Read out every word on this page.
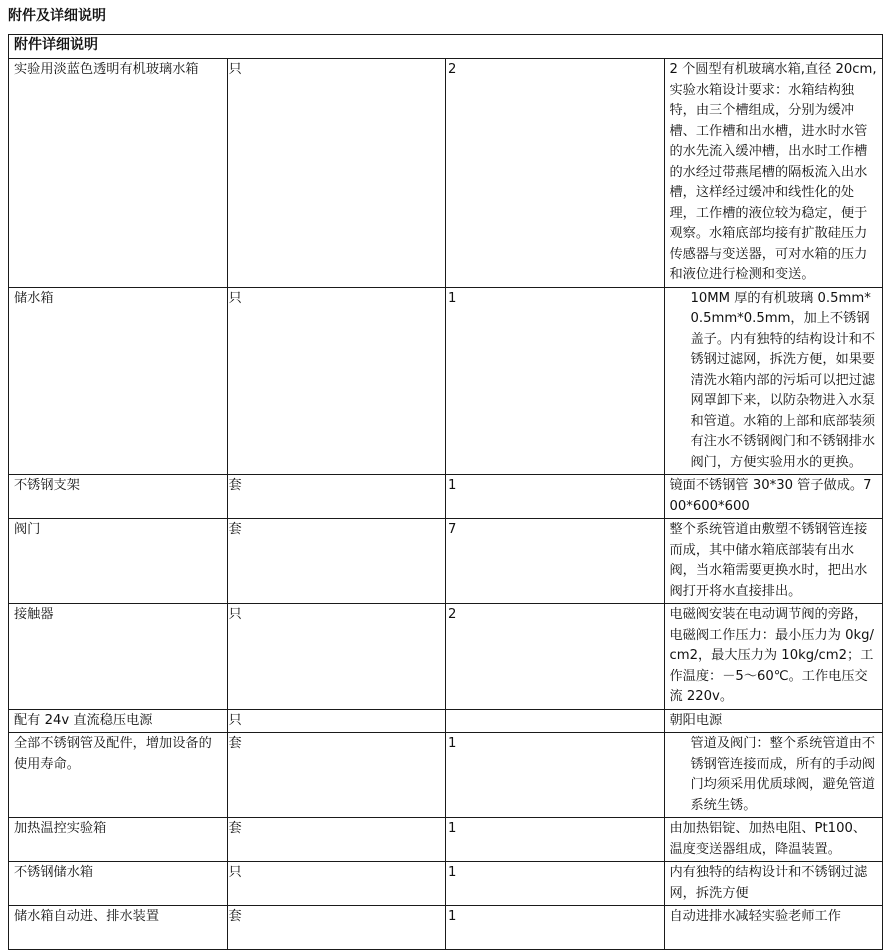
附件及详细说明
附件详细说明			
实验用淡蓝色透明有机玻璃水箱	只	2	2 个圆型有机玻璃水箱,直径 20cm,实验水箱设计要求：水箱结构独特，由三个槽组成，分别为缓冲槽、工作槽和出水槽，进水时水管的水先流入缓冲槽，出水时工作槽的水经过带燕尾槽的隔板流入出水槽，这样经过缓冲和线性化的处理，工作槽的液位较为稳定，便于观察。水箱底部均接有扩散硅压力传感器与变送器，可对水箱的压力和液位进行检测和变送。
储水箱	只	1	10MM 厚的有机玻璃 0.5mm*0.5mm*0.5mm，加上不锈钢盖子。内有独特的结构设计和不锈钢过滤网，拆洗方便，如果要清洗水箱内部的污垢可以把过滤网罩卸下来，以防杂物进入水泵和管道。水箱的上部和底部装须有注水不锈钢阀门和不锈钢排水阀门，方便实验用水的更换。
不锈钢支架	套	1	镜面不锈钢管 30*30 管子做成。700*600*600
阀门	套	7	整个系统管道由敷塑不锈钢管连接而成，其中储水箱底部装有出水阀，当水箱需要更换水时，把出水阀打开将水直接排出。
接触器	只	2	电磁阀安装在电动调节阀的旁路，电磁阀工作压力：最小压力为 0kg/cm2，最大压力为 10kg/cm2；工作温度：－5～60℃。工作电压交流 220v。
配有 24v 直流稳压电源	只		朝阳电源
全部不锈钢管及配件，增加设备的使用寿命。	套	1	管道及阀门：整个系统管道由不锈钢管连接而成，所有的手动阀门均须采用优质球阀，避免管道系统生锈。
加热温控实验箱	套	1	由加热铝锭、加热电阻、Pt100、温度变送器组成，降温装置。
不锈钢储水箱	只	1	内有独特的结构设计和不锈钢过滤网，拆洗方便
储水箱自动进、排水装置	套	1	自动进排水减轻实验老师工作
